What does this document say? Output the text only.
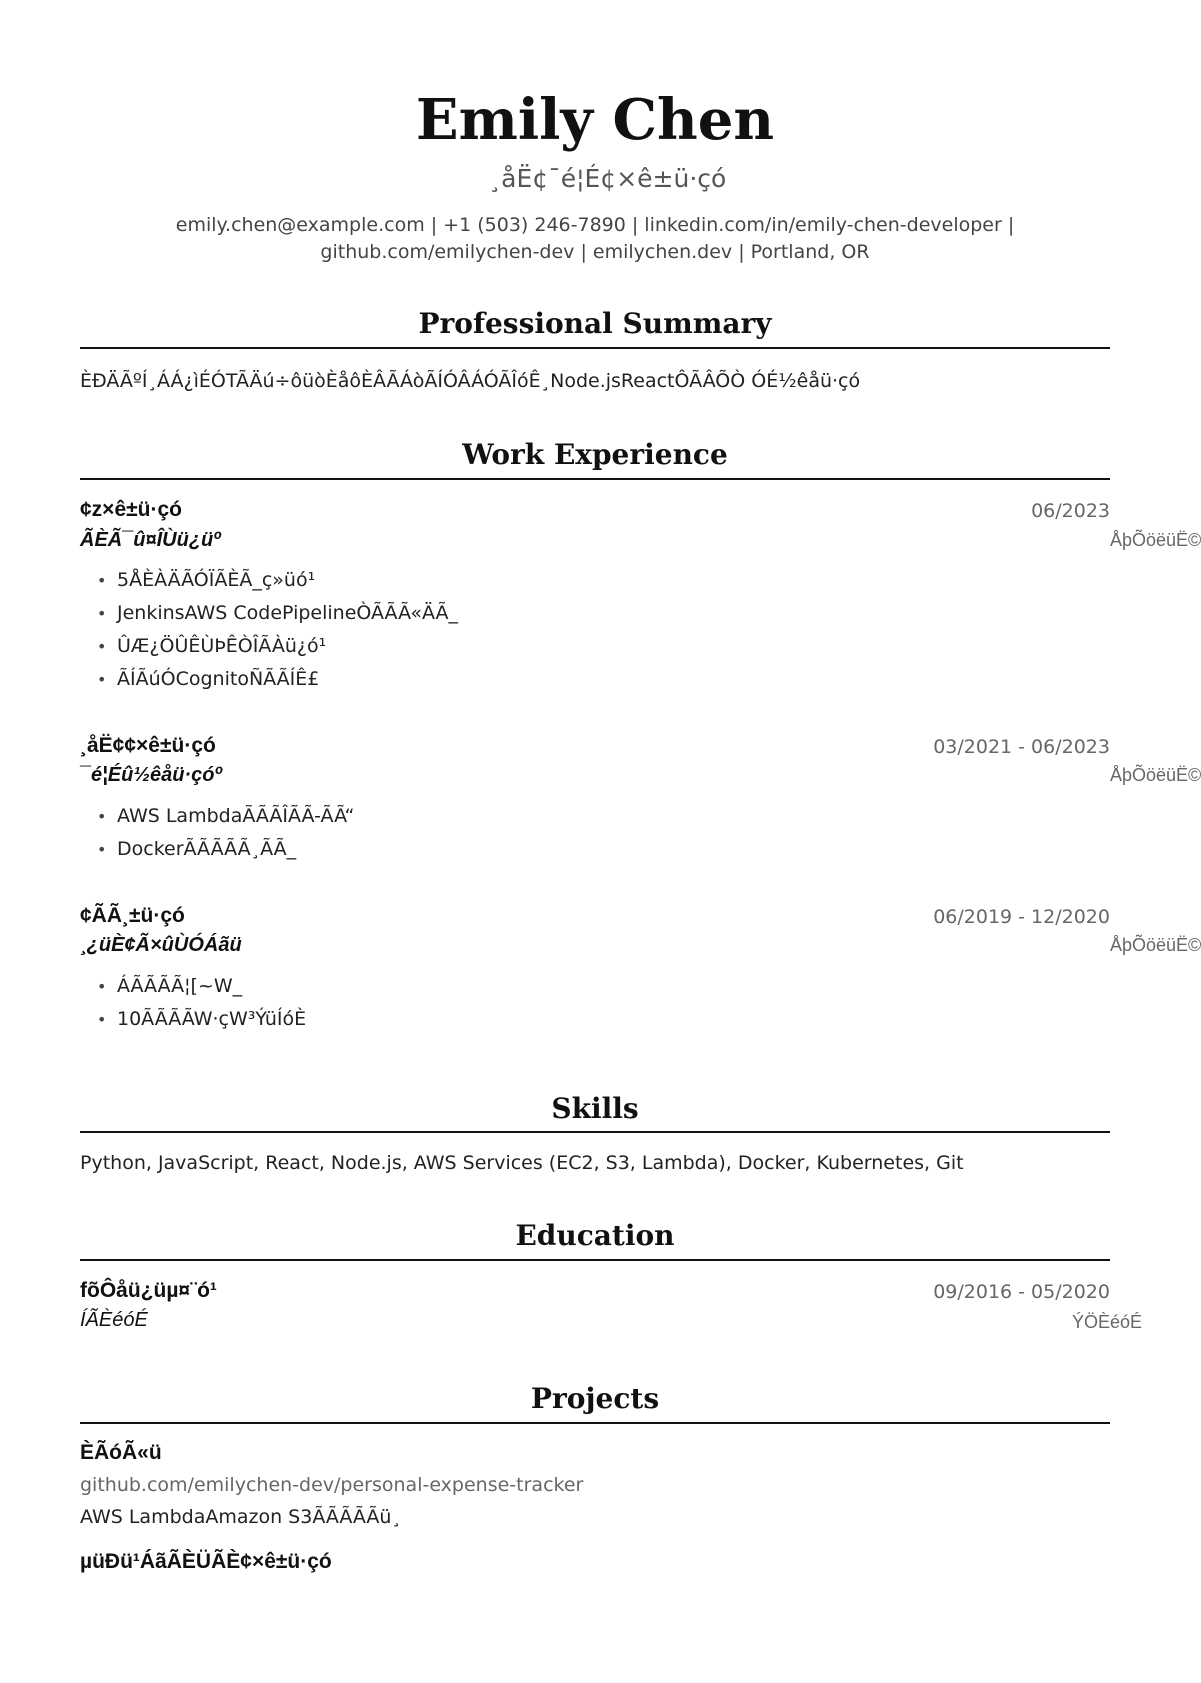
Emily Chen
¸åË¢¯é¦É¢×ê±ü·çó
emily.chen@example.com | +1 (503) 246-7890 | linkedin.com/in/emily-chen-developer |
github.com/emilychen-dev | emilychen.dev | Portland, OR
Professional Summary
ÈĐÄÃºÍ¸ÁÁ¿ìÉÓTÃÄú÷ôüòÈåôÈÂÃÁòÃÍÓÂÁÓÃÎóÊ¸Node.jsReactÔÃÂÕÒ ÓÉ½êåü·çó
Work Experience
¢z×ê±ü·çó	06/2023
ÃÈÃ¯û¤ÎÙü¿üº	ÅþÕöëüË©
• 5ÅÈÀÄÃÓÏÃÈÃ_ç»üó¹
• JenkinsAWS CodePipelineÒÃÃÃ«ÄÃ_
• ÛÆ¿ÖÛÊÙÞÊÒÎÃÀü¿ó¹
• ÃÍÃúÓCognitoÑÃÃÍÊ£
¸åË¢¢×ê±ü·çó	03/2021 - 06/2023
¯é¦Éû½êåü·çóº	ÅþÕöëüË©
• AWS LambdaÃÃÃÎÃÃ-ÃÃ“
• DockerÃÃÃÃÃ¸ÃÃ_
¢ÃÃ¸±ü·çó	06/2019 - 12/2020
¸¿üÈ¢Ã×ûÙÓÁãü	ÅþÕöëüË©
• ÁÃÃÃÃ¦[~W_
• 10ÃÃÃÃW·çW³ÝüÍóÈ
Skills
Python, JavaScript, React, Node.js, AWS Services (EC2, S3, Lambda), Docker, Kubernetes, Git
Education
fõÔåü¿üµ¤¨ó¹	09/2016 - 05/2020
ÍÃÈéóÉ	ÝÖÈéóÉ
Projects
ÈÃóÃ«ü
github.com/emilychen-dev/personal-expense-tracker
AWS LambdaAmazon S3ÃÃÃÃÃü¸
µüÐü¹ÁãÃÈÜÃÈ¢×ê±ü·çó
